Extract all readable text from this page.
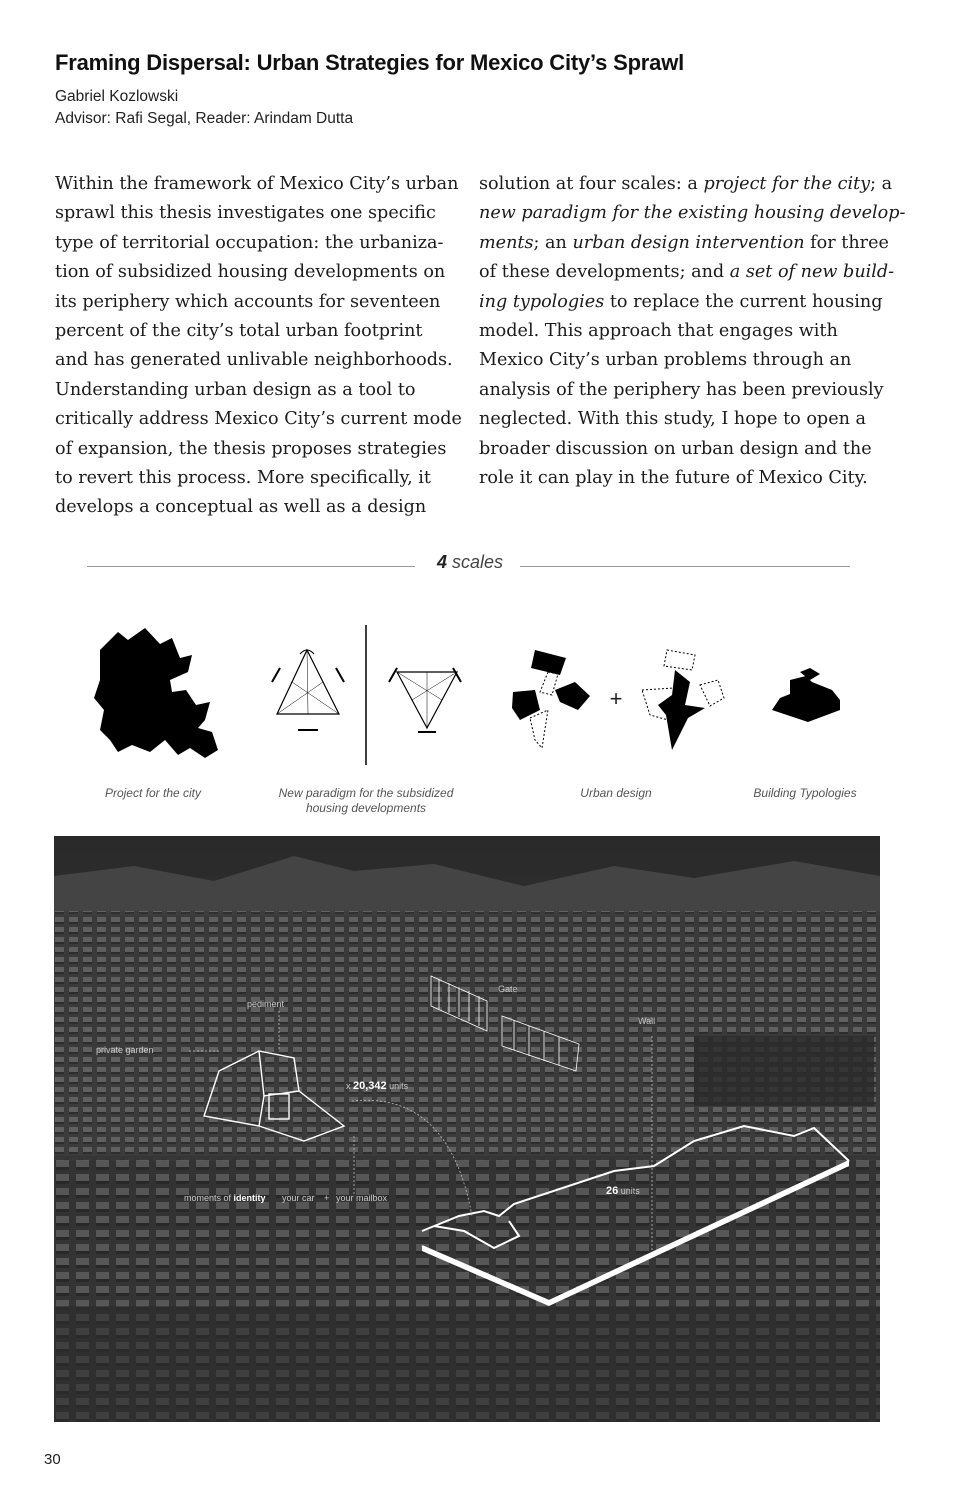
Framing Dispersal: Urban Strategies for Mexico City’s Sprawl
Gabriel Kozlowski
Advisor: Rafi Segal, Reader: Arindam Dutta
Within the framework of Mexico City’s urban
sprawl this thesis investigates one specific
type of territorial occupation: the urbaniza-
tion of subsidized housing developments on
its periphery which accounts for seventeen
percent of the city’s total urban footprint
and has generated unlivable neighborhoods.
Understanding urban design as a tool to
critically address Mexico City’s current mode
of expansion, the thesis proposes strategies
to revert this process. More specifically, it
develops a conceptual as well as a design
solution at four scales: a project for the city; a
new paradigm for the existing housing develop-
ments; an urban design intervention for three
of these developments; and a set of new build-
ing typologies to replace the current housing
model. This approach that engages with
Mexico City’s urban problems through an
analysis of the periphery has been previously
neglected. With this study, I hope to open a
broader discussion on urban design and the
role it can play in the future of Mexico City.
4 scales
+
Project for the city	New paradigm for the subsidized
housing developments
Urban design	Building Typologies
pediment
private garden
Gate
Wall
x 20,342 units
moments of identity your car + your mailbox
26 units
30
